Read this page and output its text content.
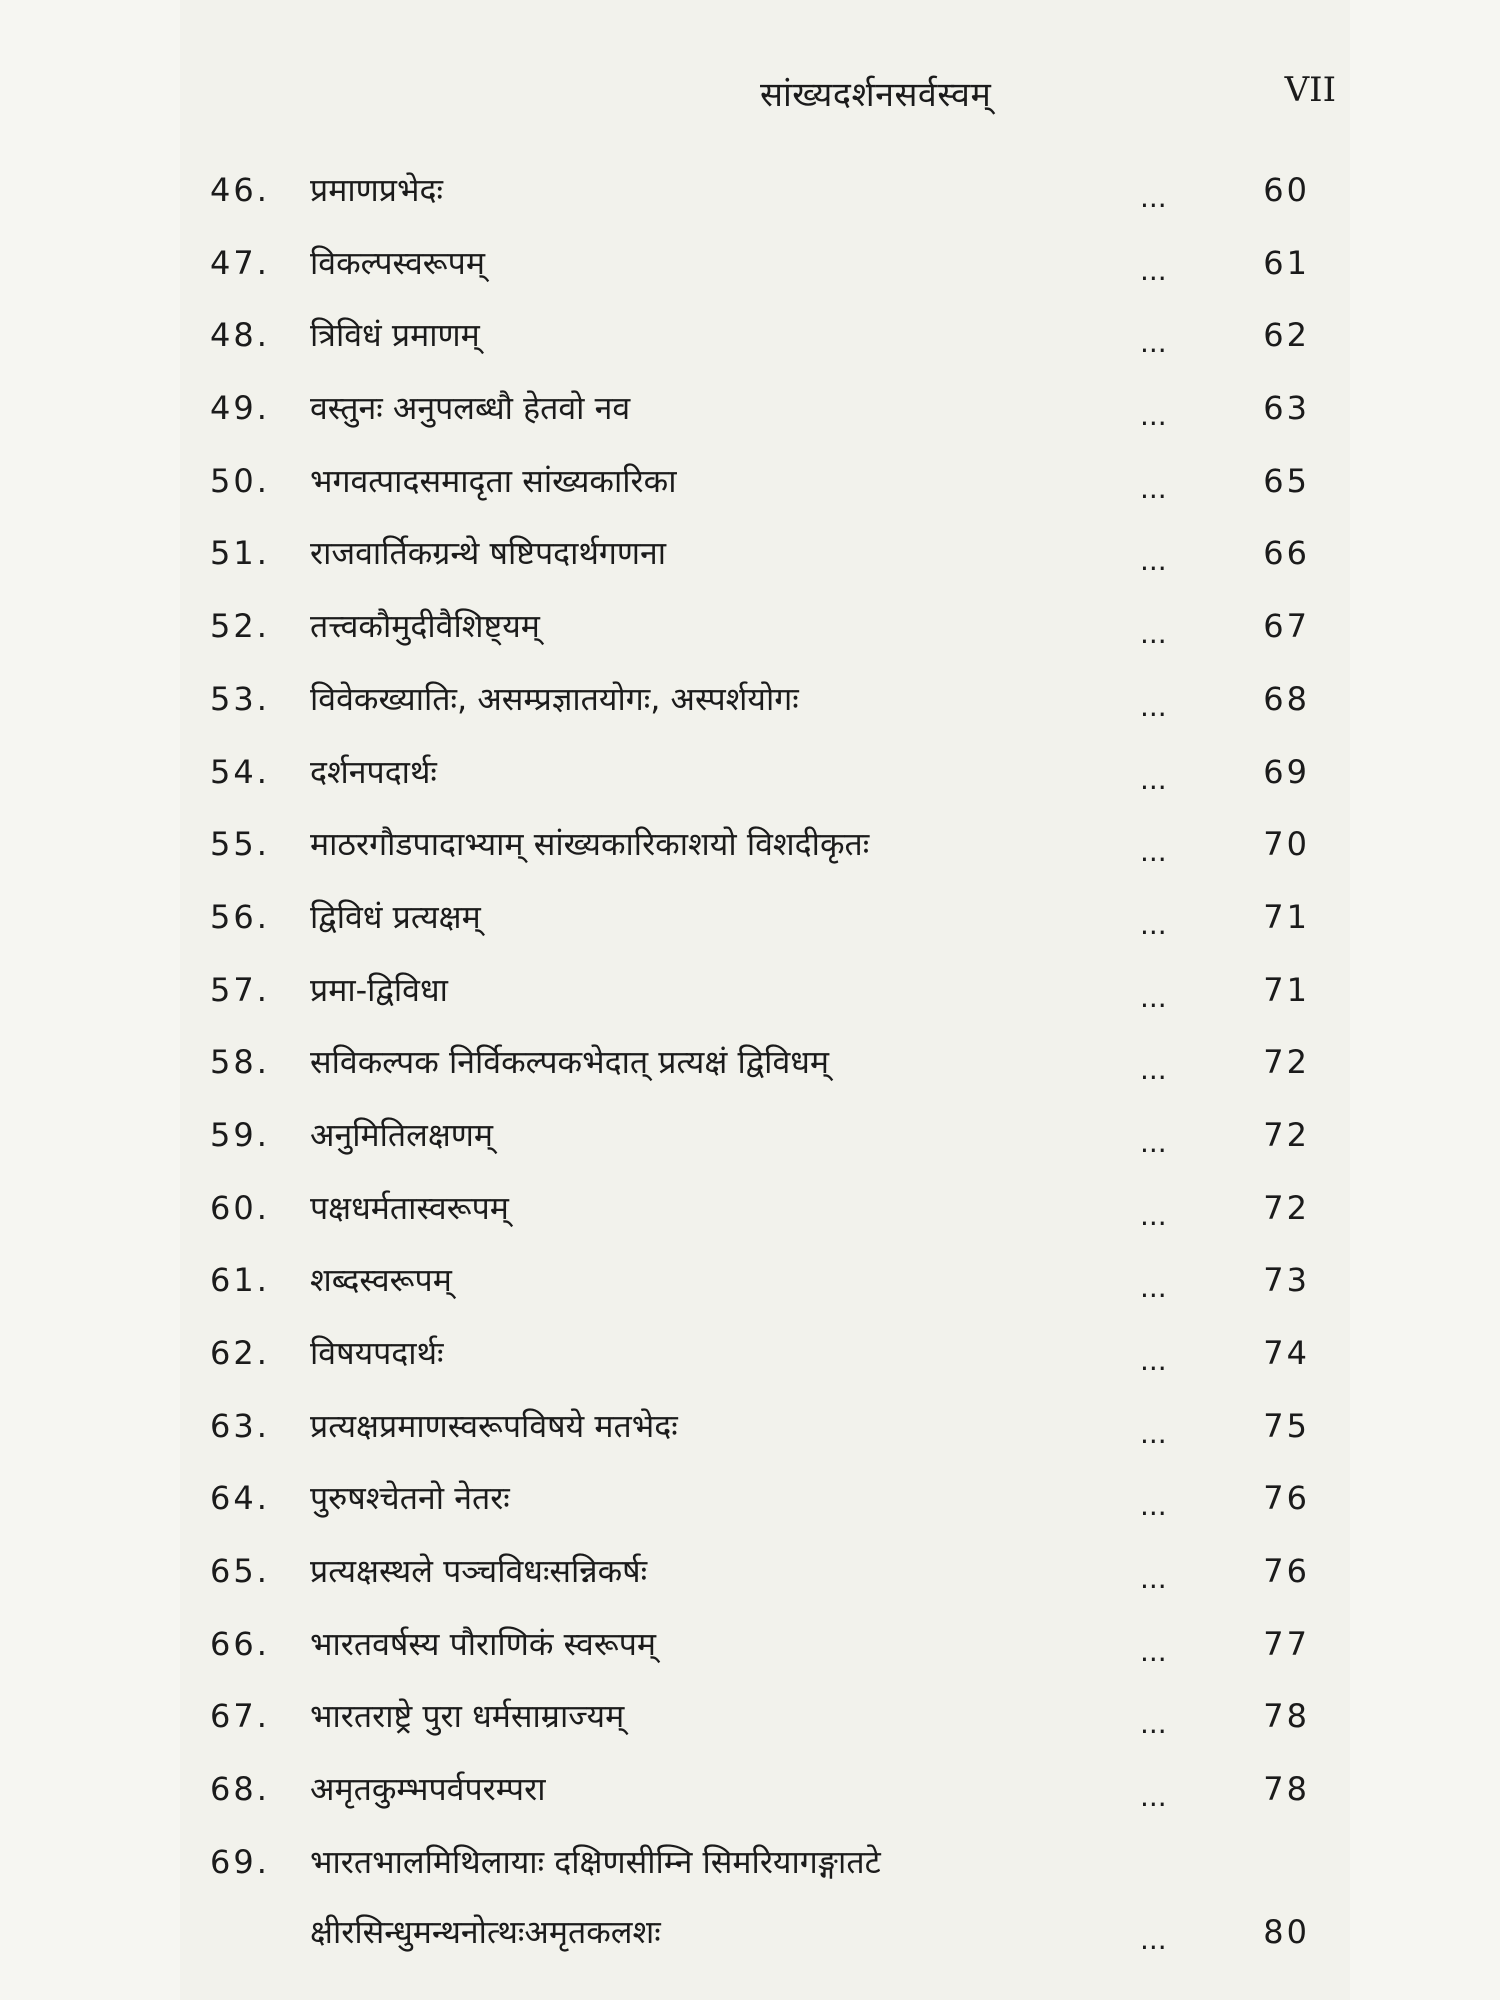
सांख्यदर्शनसर्वस्वम्	VII
46.	प्रमाणप्रभेदः	...	60
47.	विकल्पस्वरूपम्	...	61
48.	त्रिविधं प्रमाणम्	...	62
49.	वस्तुनः अनुपलब्धौ हेतवो नव	...	63
50.	भगवत्पादसमादृता सांख्यकारिका	...	65
51.	राजवार्तिकग्रन्थे षष्टिपदार्थगणना	...	66
52.	तत्त्वकौमुदीवैशिष्ट्यम्	...	67
53.	विवेकख्यातिः, असम्प्रज्ञातयोगः, अस्पर्शयोगः	...	68
54.	दर्शनपदार्थः	...	69
55.	माठरगौडपादाभ्याम् सांख्यकारिकाशयो विशदीकृतः	...	70
56.	द्विविधं प्रत्यक्षम्	...	71
57.	प्रमा-द्विविधा	...	71
58.	सविकल्पक निर्विकल्पकभेदात् प्रत्यक्षं द्विविधम्	...	72
59.	अनुमितिलक्षणम्	...	72
60.	पक्षधर्मतास्वरूपम्	...	72
61.	शब्दस्वरूपम्	...	73
62.	विषयपदार्थः	...	74
63.	प्रत्यक्षप्रमाणस्वरूपविषये मतभेदः	...	75
64.	पुरुषश्चेतनो नेतरः	...	76
65.	प्रत्यक्षस्थले पञ्चविधःसन्निकर्षः	...	76
66.	भारतवर्षस्य पौराणिकं स्वरूपम्	...	77
67.	भारतराष्ट्रे पुरा धर्मसाम्राज्यम्	...	78
68.	अमृतकुम्भपर्वपरम्परा	...	78
69.	भारतभालमिथिलायाः दक्षिणसीम्नि सिमरियागङ्गातटे
क्षीरसिन्धुमन्थनोत्थःअमृतकलशः	...	80
